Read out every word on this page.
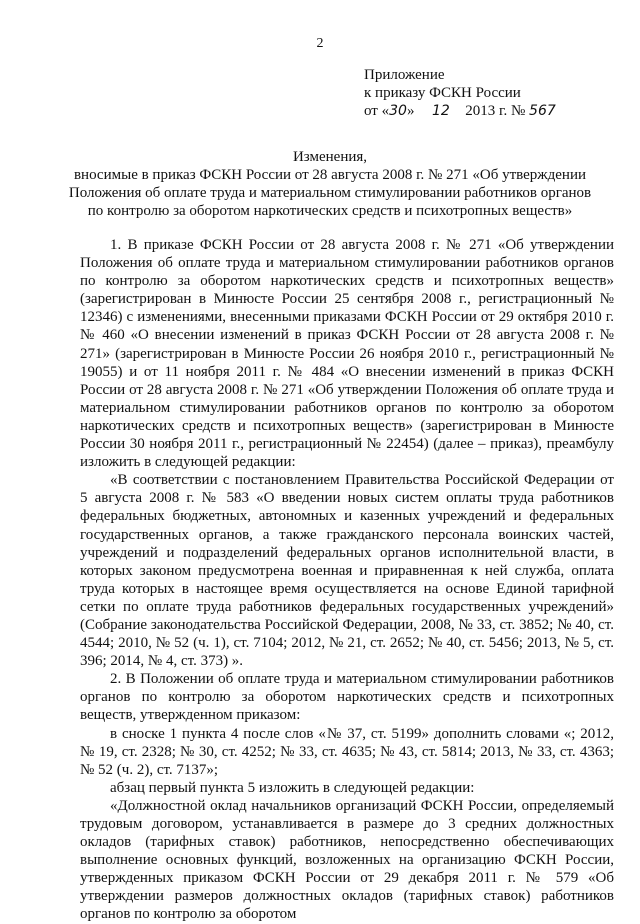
2
Приложение
к приказу ФСКН России
от «30» 12 2013 г. № 567
Изменения,
вносимые в приказ ФСКН России от 28 августа 2008 г. № 271 «Об утверждении Положения об оплате труда и материальном стимулировании работников органов по контролю за оборотом наркотических средств и психотропных веществ»

1. В приказе ФСКН России от 28 августа 2008 г. № 271 «Об утверждении Положения об оплате труда и материальном стимулировании работников органов по контролю за оборотом наркотических средств и психотропных веществ» (зарегистрирован в Минюсте России 25 сентября 2008 г., регистрационный № 12346) с изменениями, внесенными приказами ФСКН России от 29 октября 2010 г. № 460 «О внесении изменений в приказ ФСКН России от 28 августа 2008 г. № 271» (зарегистрирован в Минюсте России 26 ноября 2010 г., регистрационный № 19055) и от 11 ноября 2011 г. № 484 «О внесении изменений в приказ ФСКН России от 28 августа 2008 г. № 271 «Об утверждении Положения об оплате труда и материальном стимулировании работников органов по контролю за оборотом наркотических средств и психотропных веществ» (зарегистрирован в Минюсте России 30 ноября 2011 г., регистрационный № 22454) (далее – приказ), преамбулу изложить в следующей редакции:

«В соответствии с постановлением Правительства Российской Федерации от 5 августа 2008 г. № 583 «О введении новых систем оплаты труда работников федеральных бюджетных, автономных и казенных учреждений и федеральных государственных органов, а также гражданского персонала воинских частей, учреждений и подразделений федеральных органов исполнительной власти, в которых законом предусмотрена военная и приравненная к ней служба, оплата труда которых в настоящее время осуществляется на основе Единой тарифной сетки по оплате труда работников федеральных государственных учреждений» (Собрание законодательства Российской Федерации, 2008, № 33, ст. 3852; № 40, ст. 4544; 2010, № 52 (ч. 1), ст. 7104; 2012, № 21, ст. 2652; № 40, ст. 5456; 2013, № 5, ст. 396; 2014, № 4, ст. 373) ».

2. В Положении об оплате труда и материальном стимулировании работников органов по контролю за оборотом наркотических средств и психотропных веществ, утвержденном приказом:

в сноске 1 пункта 4 после слов «№ 37, ст. 5199» дополнить словами «; 2012, № 19, ст. 2328; № 30, ст. 4252; № 33, ст. 4635; № 43, ст. 5814; 2013, № 33, ст. 4363; № 52 (ч. 2), ст. 7137»;

абзац первый пункта 5 изложить в следующей редакции:

«Должностной оклад начальников организаций ФСКН России, определяемый трудовым договором, устанавливается в размере до 3 средних должностных окладов (тарифных ставок) работников, непосредственно обеспечивающих выполнение основных функций, возложенных на организацию ФСКН России, утвержденных приказом ФСКН России от 29 декабря 2011 г. № 579 «Об утверждении размеров должностных окладов (тарифных ставок) работников органов по контролю за оборотом
